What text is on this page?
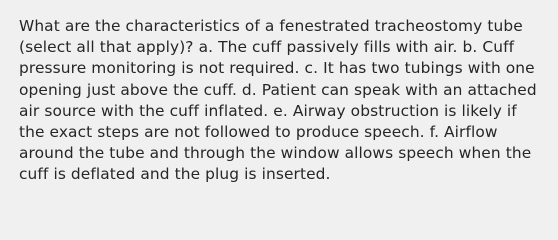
What are the characteristics of a fenestrated tracheostomy tube (select all that apply)? a. The cuff passively fills with air. b. Cuff pressure monitoring is not required. c. It has two tubings with one opening just above the cuff. d. Patient can speak with an attached air source with the cuff inflated. e. Airway obstruction is likely if the exact steps are not followed to produce speech. f. Airflow around the tube and through the window allows speech when the cuff is deflated and the plug is inserted.
